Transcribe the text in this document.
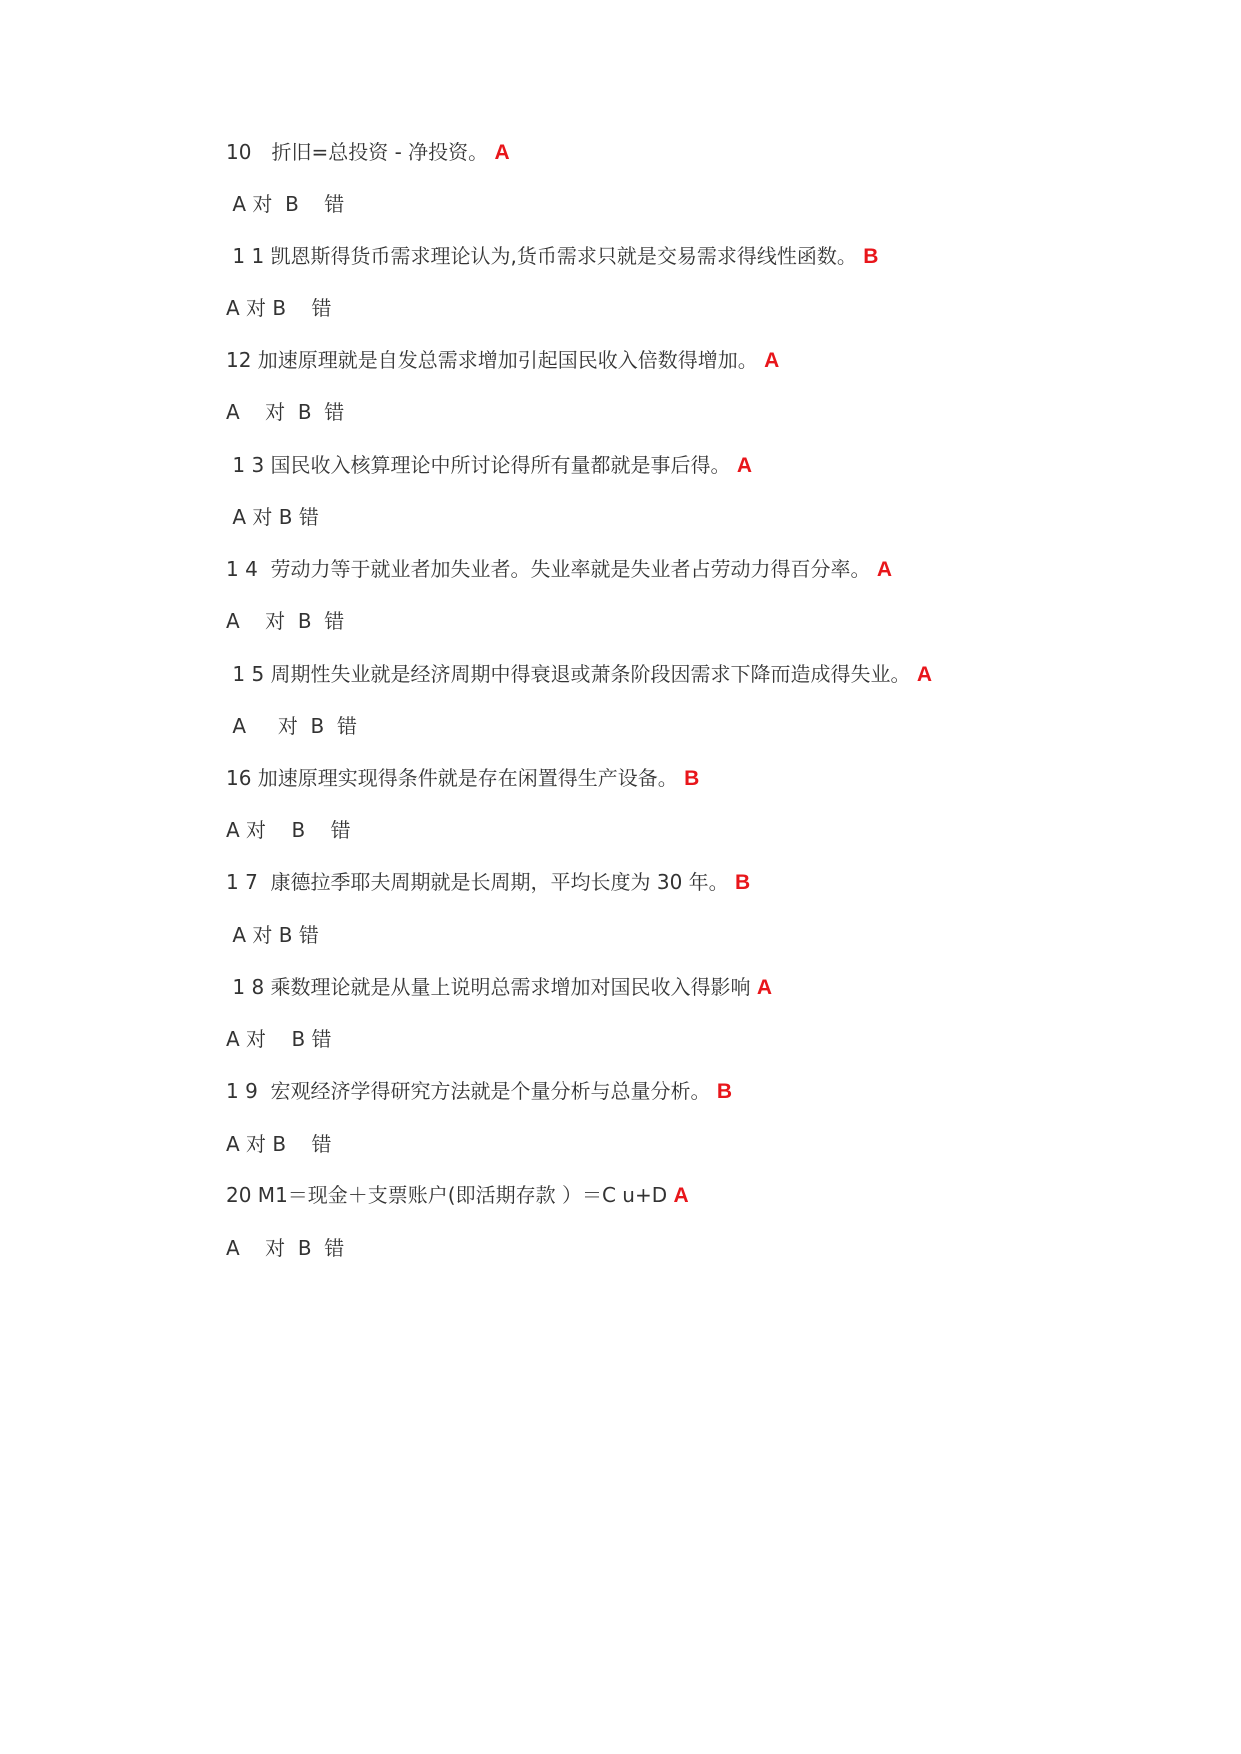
10　折旧=总投资 - 净投资。 A
A 对  B    错
1 1 凯恩斯得货币需求理论认为,货币需求只就是交易需求得线性函数。 B
A 对 B    错
12 加速原理就是自发总需求增加引起国民收入倍数得增加。 A
A    对  B  错
1 3 国民收入核算理论中所讨论得所有量都就是事后得。 A
A 对 B 错
1 4  劳动力等于就业者加失业者。失业率就是失业者占劳动力得百分率。 A
A    对  B  错
1 5 周期性失业就是经济周期中得衰退或萧条阶段因需求下降而造成得失业。 A
A     对  B  错
16 加速原理实现得条件就是存在闲置得生产设备。 B
A 对    B    错
1 7  康德拉季耶夫周期就是长周期，平均长度为 30 年。 B
A 对 B 错
1 8 乘数理论就是从量上说明总需求增加对国民收入得影响 A
A 对    B 错
1 9  宏观经济学得研究方法就是个量分析与总量分析。 B
A 对 B    错
20 M1＝现金＋支票账户(即活期存款 ）＝C u+D A
A    对  B  错
